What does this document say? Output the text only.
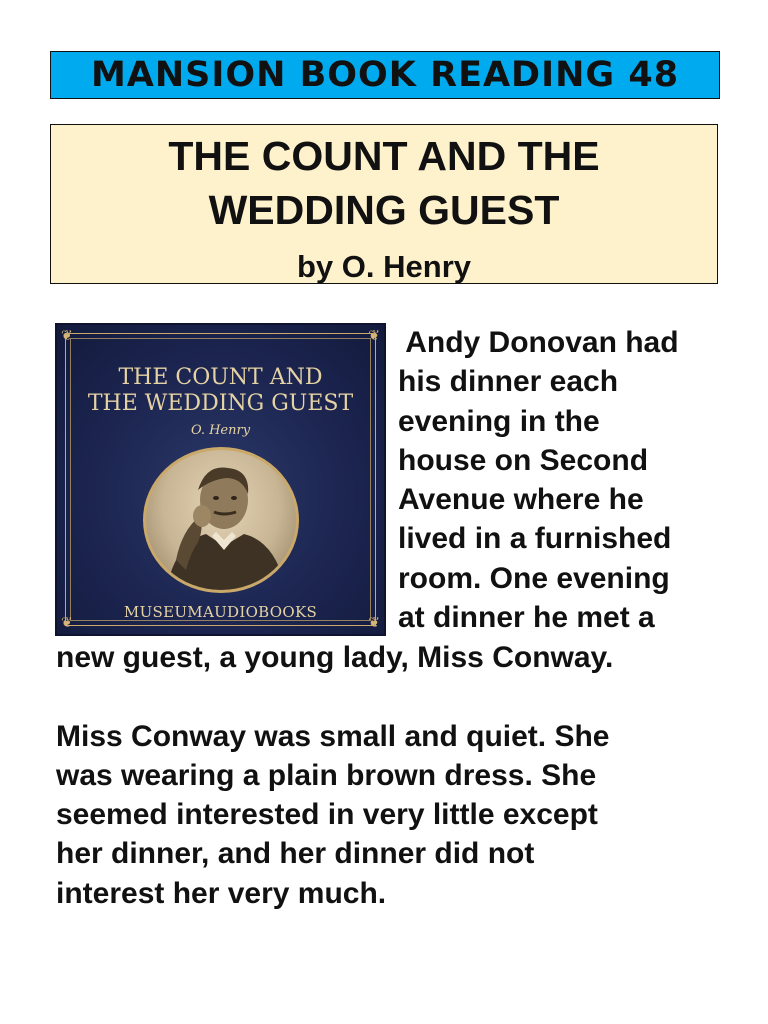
MANSION BOOK READING 48
THE COUNT AND THE
WEDDING GUEST
by O. Henry
❦	❦
❦	❦
THE COUNT AND
THE WEDDING GUEST
O. Henry
MUSEUMAUDIOBOOKS
Andy Donovan had
his dinner each
evening in the
house on Second
Avenue where he
lived in a furnished
room. One evening
at dinner he met a
new guest, a young lady, Miss Conway.
Miss Conway was small and quiet. She
was wearing a plain brown dress. She
seemed interested in very little except
her dinner, and her dinner did not
interest her very much.
